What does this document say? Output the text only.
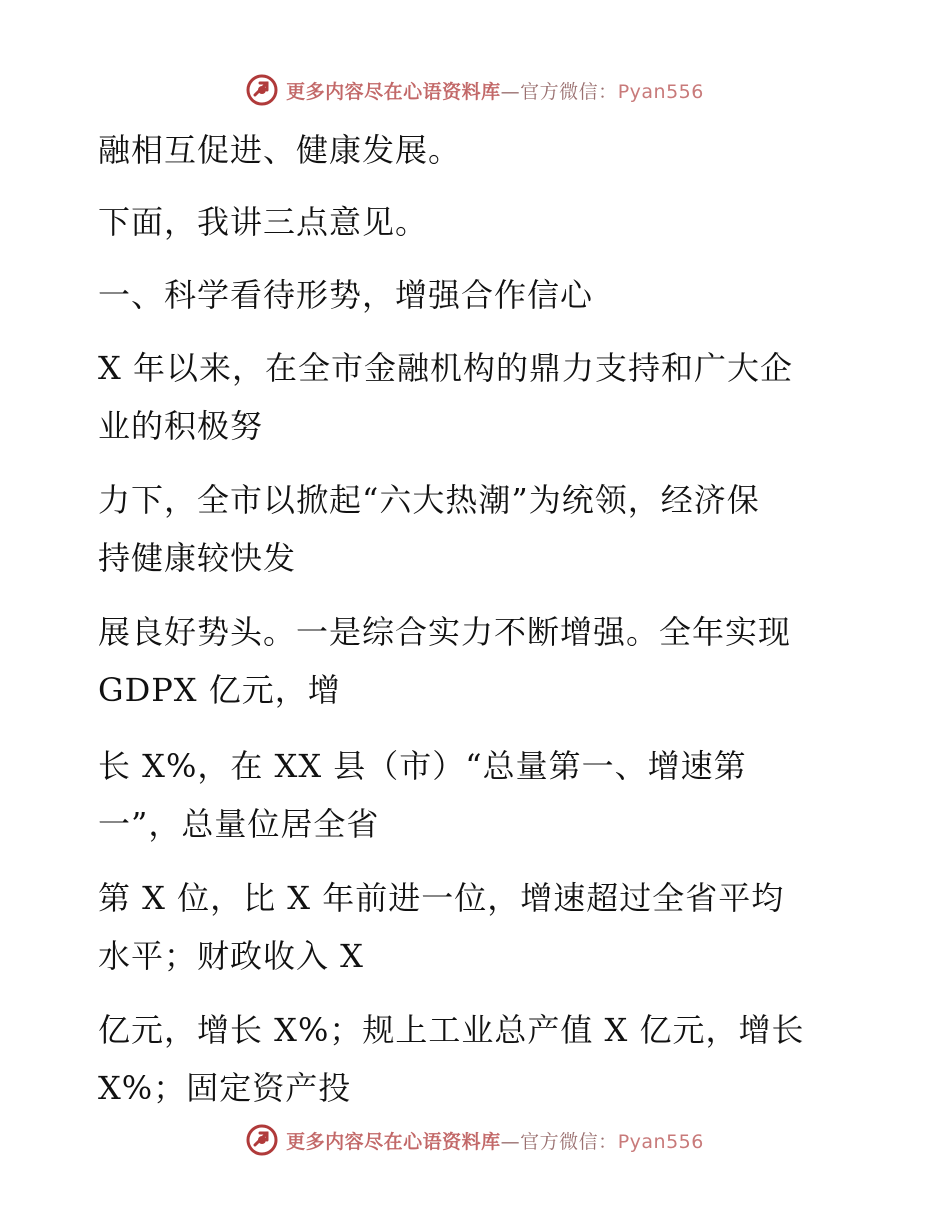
更多内容尽在心语资料库—官方微信：Pyan556
融相互促进、健康发展。
下面，我讲三点意见。
一、科学看待形势，增强合作信心
X 年以来，在全市金融机构的鼎力支持和广大企
业的积极努
力下，全市以掀起“六大热潮”为统领，经济保
持健康较快发
展良好势头。一是综合实力不断增强。全年实现
GDPX 亿元，增
长 X%，在 XX 县（市）“总量第一、增速第
一”，总量位居全省
第 X 位，比 X 年前进一位，增速超过全省平均
水平；财政收入 X
亿元，增长 X%；规上工业总产值 X 亿元，增长
X%；固定资产投
更多内容尽在心语资料库—官方微信：Pyan556
